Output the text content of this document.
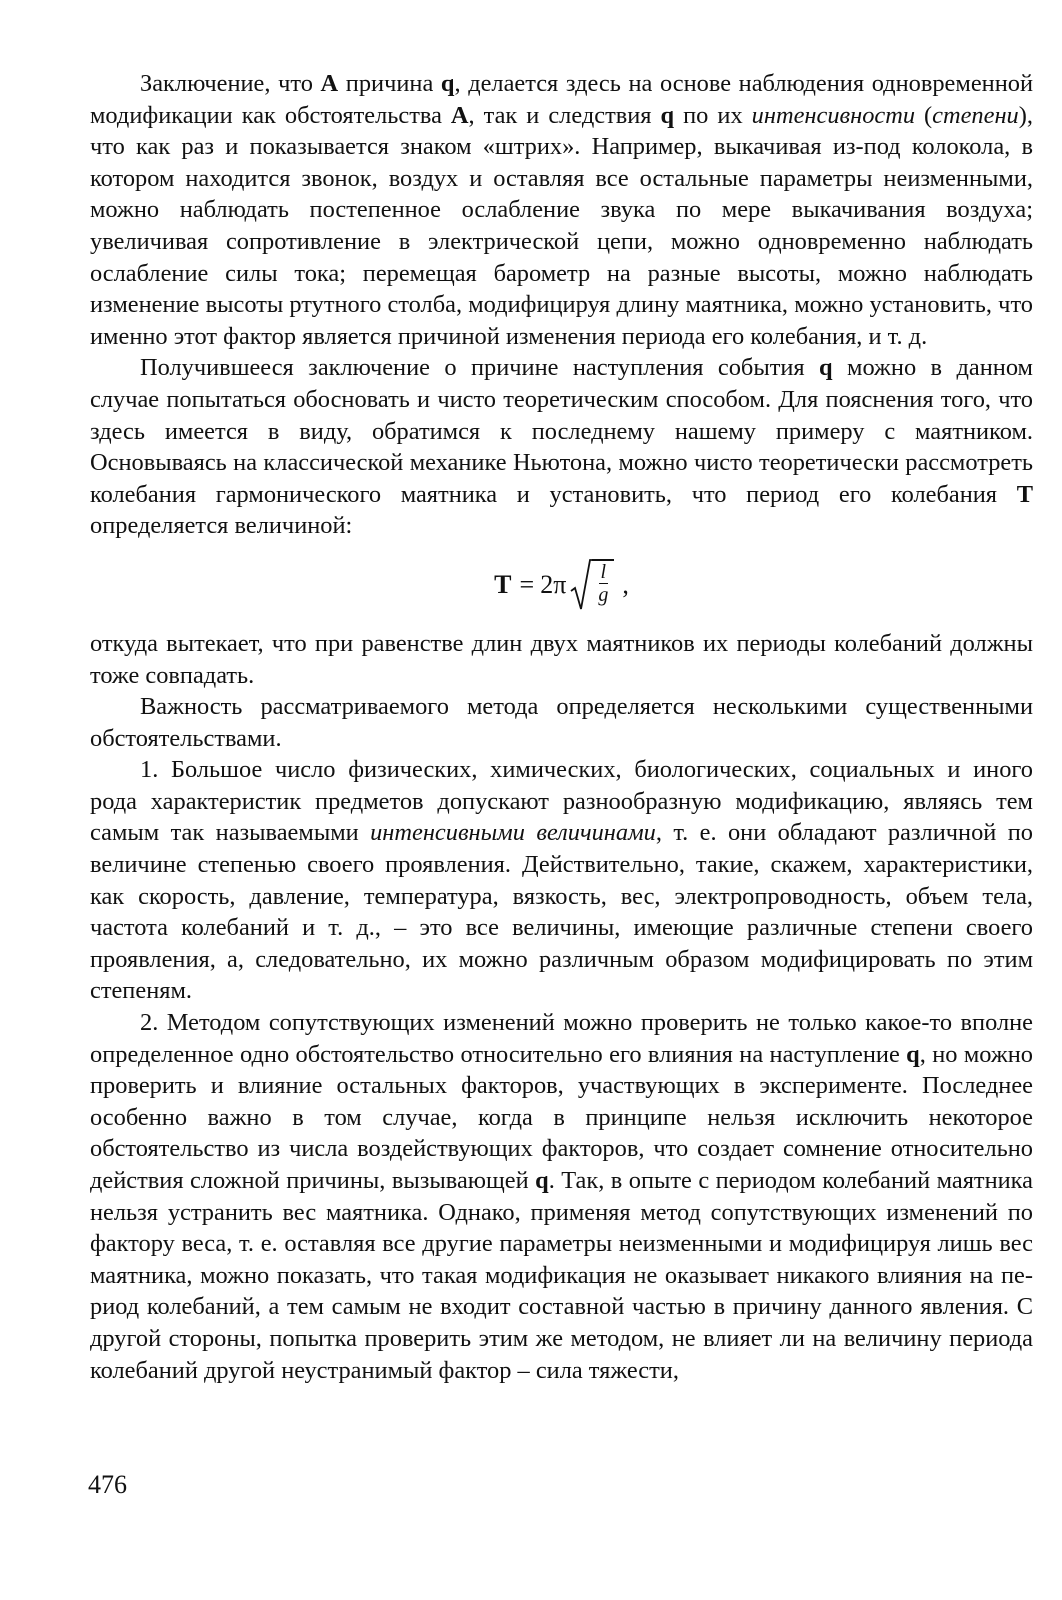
Заключение, что А причина q, делается здесь на основе наблюдения одновременной модификации как обстоятельства А, так и следствия q по их интенсивности (степени), что как раз и показывается знаком «штрих». Например, выкачивая из-под колокола, в котором находится звонок, воздух и оставляя все остальные параметры неизменными, можно наблюдать постепенное ослабление звука по мере выкачивания воздуха; увеличивая сопротивление в электрической цепи, можно одновременно наблюдать ослабление силы тока; перемещая барометр на разные высоты, можно наблюдать изменение высоты ртутного столба, модифицируя длину маятника, можно установить, что именно этот фактор является причиной изменения периода его колебания, и т. д.

Получившееся заключение о причине наступления события q можно в данном случае попытаться обосновать и чисто теоретическим способом. Для пояснения того, что здесь имеется в виду, обратимся к последнему нашему примеру с маятником. Основываясь на классической механике Ньютона, можно чисто теоретически рассмотреть колебания гармонического маятника и установить, что период его колебания Т определяется величиной:

$T = 2\pi \frac{l}{g}$ ,

откуда вытекает, что при равенстве длин двух маятников их периоды колебаний должны тоже совпадать.

Важность рассматриваемого метода определяется несколькими существенными обстоятельствами.

1. Большое число физических, химических, биологических, социальных и иного рода характеристик предметов допускают разнообразную модификацию, являясь тем самым так называемыми интенсивными величинами, т. е. они обладают различной по величине степенью своего проявления. Действительно, такие, скажем, характеристики, как скорость, давление, температура, вязкость, вес, электропроводность, объем тела, частота колебаний и т. д., – это все величины, имеющие различные степени своего проявления, а, следовательно, их можно различным образом модифицировать по этим степеням.

2. Методом сопутствующих изменений можно проверить не только какое-то вполне определенное одно обстоятельство относительно его влияния на наступление q, но можно проверить и влияние остальных факторов, участвующих в эксперименте. Последнее особенно важно в том случае, когда в принципе нельзя исключить некоторое обстоятельство из числа воздействующих факторов, что создает сомнение относительно действия сложной причины, вызывающей q. Так, в опыте с периодом колебаний маятника нельзя устранить вес маятника. Однако, применяя метод сопутствующих изменений по фактору веса, т. е. оставляя все другие параметры неизменными и модифицируя лишь вес маятника, можно показать, что такая модификация не оказывает никакого влияния на период колебаний, а тем самым не входит составной частью в причину данного явления. С другой стороны, попытка проверить этим же методом, не влияет ли на величину периода колебаний другой неустранимый фактор – сила тяжести,

476
